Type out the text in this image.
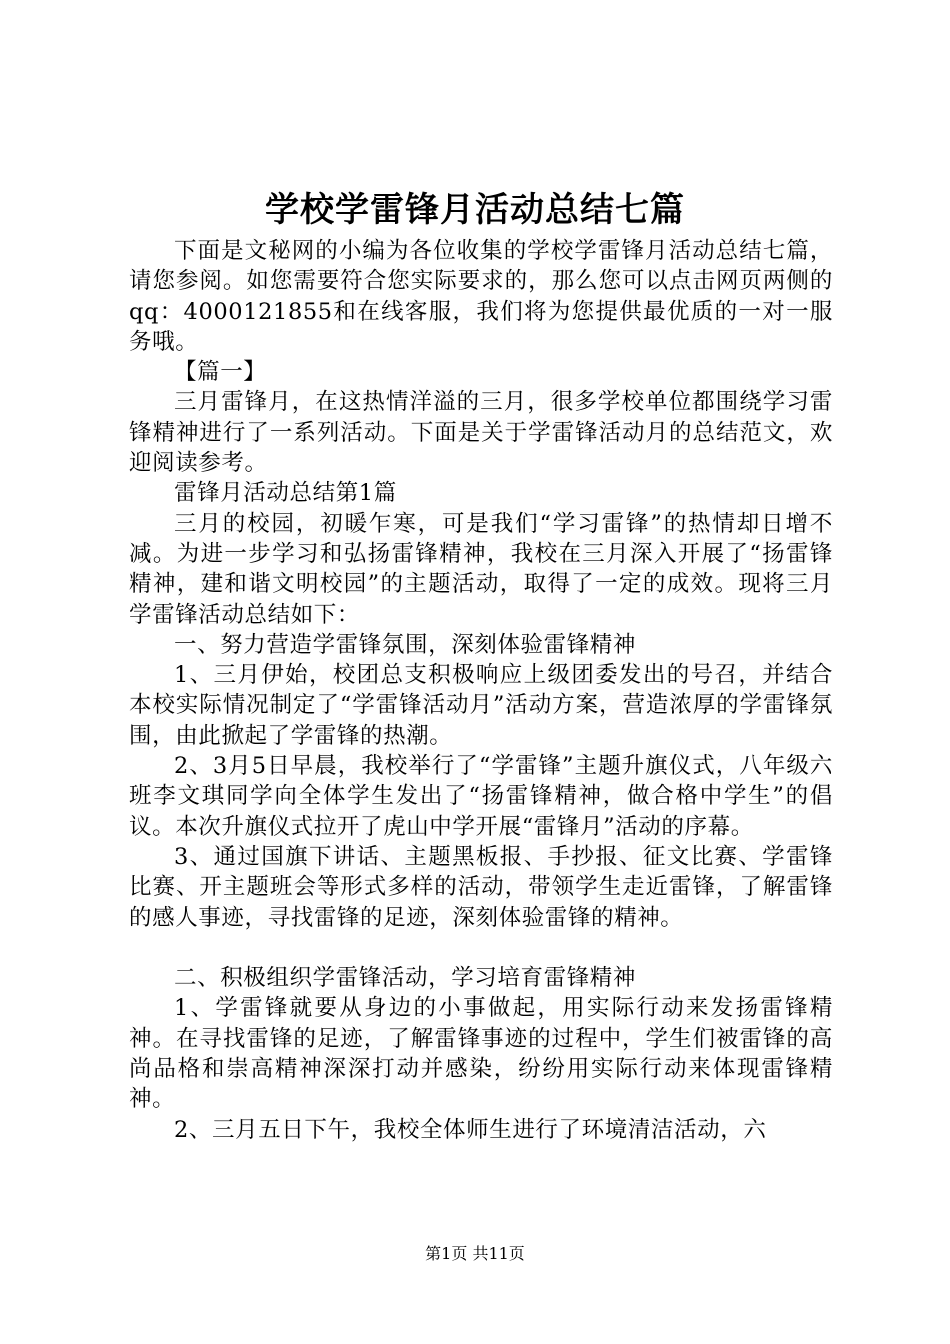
学校学雷锋月活动总结七篇

下面是文秘网的小编为各位收集的学校学雷锋月活动总结七篇，请您参阅。如您需要符合您实际要求的，那么您可以点击网页两侧的qq：4000121855和在线客服，我们将为您提供最优质的一对一服务哦。

【篇一】

三月雷锋月，在这热情洋溢的三月，很多学校单位都围绕学习雷锋精神进行了一系列活动。下面是关于学雷锋活动月的总结范文，欢迎阅读参考。

雷锋月活动总结第1篇

三月的校园，初暖乍寒，可是我们“学习雷锋”的热情却日增不减。为进一步学习和弘扬雷锋精神，我校在三月深入开展了“扬雷锋精神，建和谐文明校园”的主题活动，取得了一定的成效。现将三月学雷锋活动总结如下：

一、努力营造学雷锋氛围，深刻体验雷锋精神

1、三月伊始，校团总支积极响应上级团委发出的号召，并结合本校实际情况制定了“学雷锋活动月”活动方案，营造浓厚的学雷锋氛围，由此掀起了学雷锋的热潮。

2、3月5日早晨，我校举行了“学雷锋”主题升旗仪式，八年级六班李文琪同学向全体学生发出了“扬雷锋精神，做合格中学生”的倡议。本次升旗仪式拉开了虎山中学开展“雷锋月”活动的序幕。

3、通过国旗下讲话、主题黑板报、手抄报、征文比赛、学雷锋比赛、开主题班会等形式多样的活动，带领学生走近雷锋，了解雷锋的感人事迹，寻找雷锋的足迹，深刻体验雷锋的精神。

二、积极组织学雷锋活动，学习培育雷锋精神

1、学雷锋就要从身边的小事做起，用实际行动来发扬雷锋精神。在寻找雷锋的足迹，了解雷锋事迹的过程中，学生们被雷锋的高尚品格和崇高精神深深打动并感染，纷纷用实际行动来体现雷锋精神。

2、三月五日下午，我校全体师生进行了环境清洁活动，六

第1页 共11页
